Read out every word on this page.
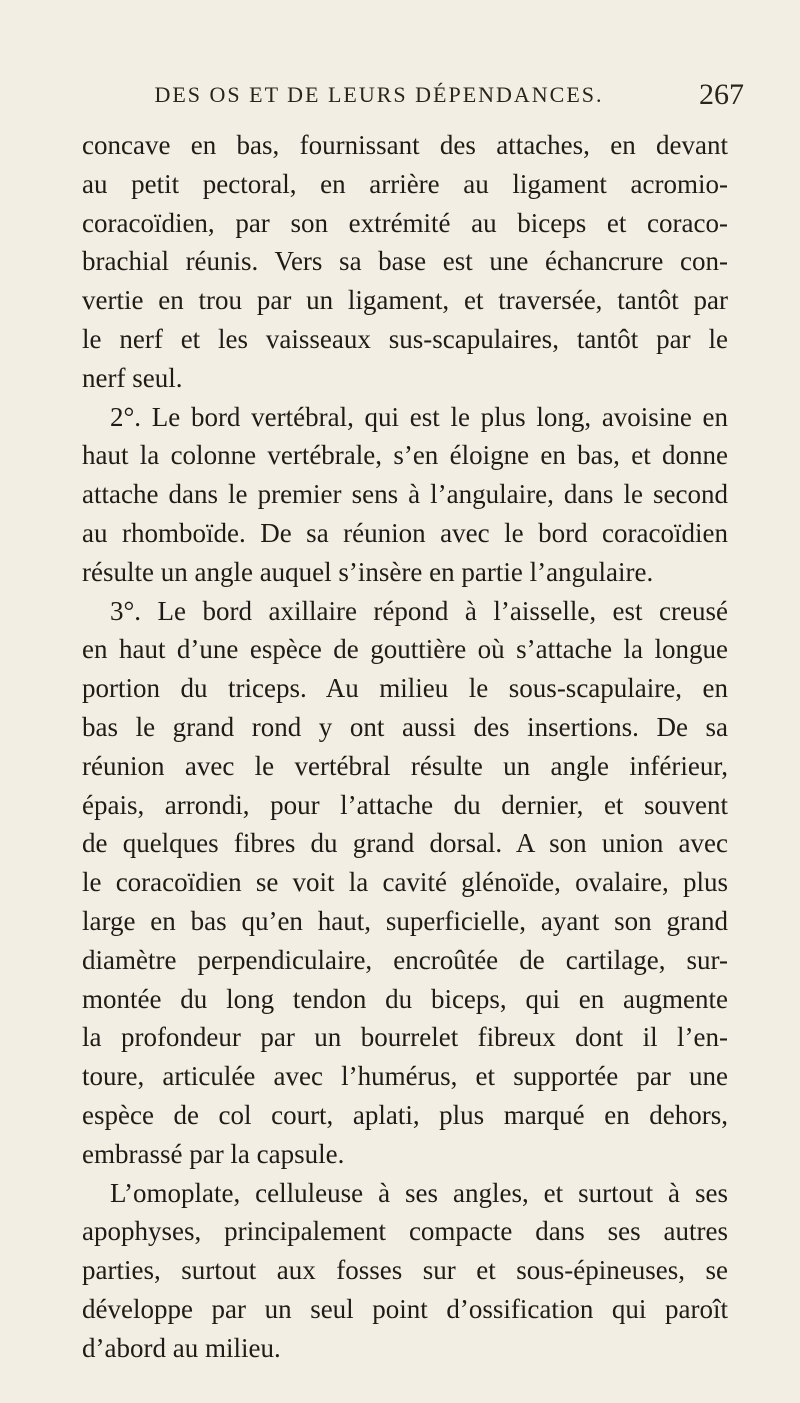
DES OS ET DE LEURS DÉPENDANCES.	267
concave en bas, fournissant des attaches, en devant
au petit pectoral, en arrière au ligament acromio-
coracoïdien, par son extrémité au biceps et coraco-
brachial réunis. Vers sa base est une échancrure con-
vertie en trou par un ligament, et traversée, tantôt par
le nerf et les vaisseaux sus-scapulaires, tantôt par le
nerf seul.
2°. Le bord vertébral, qui est le plus long, avoisine en
haut la colonne vertébrale, s’en éloigne en bas, et donne
attache dans le premier sens à l’angulaire, dans le second
au rhomboïde. De sa réunion avec le bord coracoïdien
résulte un angle auquel s’insère en partie l’angulaire.
3°. Le bord axillaire répond à l’aisselle, est creusé
en haut d’une espèce de gouttière où s’attache la longue
portion du triceps. Au milieu le sous-scapulaire, en
bas le grand rond y ont aussi des insertions. De sa
réunion avec le vertébral résulte un angle inférieur,
épais, arrondi, pour l’attache du dernier, et souvent
de quelques fibres du grand dorsal. A son union avec
le coracoïdien se voit la cavité glénoïde, ovalaire, plus
large en bas qu’en haut, superficielle, ayant son grand
diamètre perpendiculaire, encroûtée de cartilage, sur-
montée du long tendon du biceps, qui en augmente
la profondeur par un bourrelet fibreux dont il l’en-
toure, articulée avec l’humérus, et supportée par une
espèce de col court, aplati, plus marqué en dehors,
embrassé par la capsule.
L’omoplate, celluleuse à ses angles, et surtout à ses
apophyses, principalement compacte dans ses autres
parties, surtout aux fosses sur et sous-épineuses, se
développe par un seul point d’ossification qui paroît
d’abord au milieu.
